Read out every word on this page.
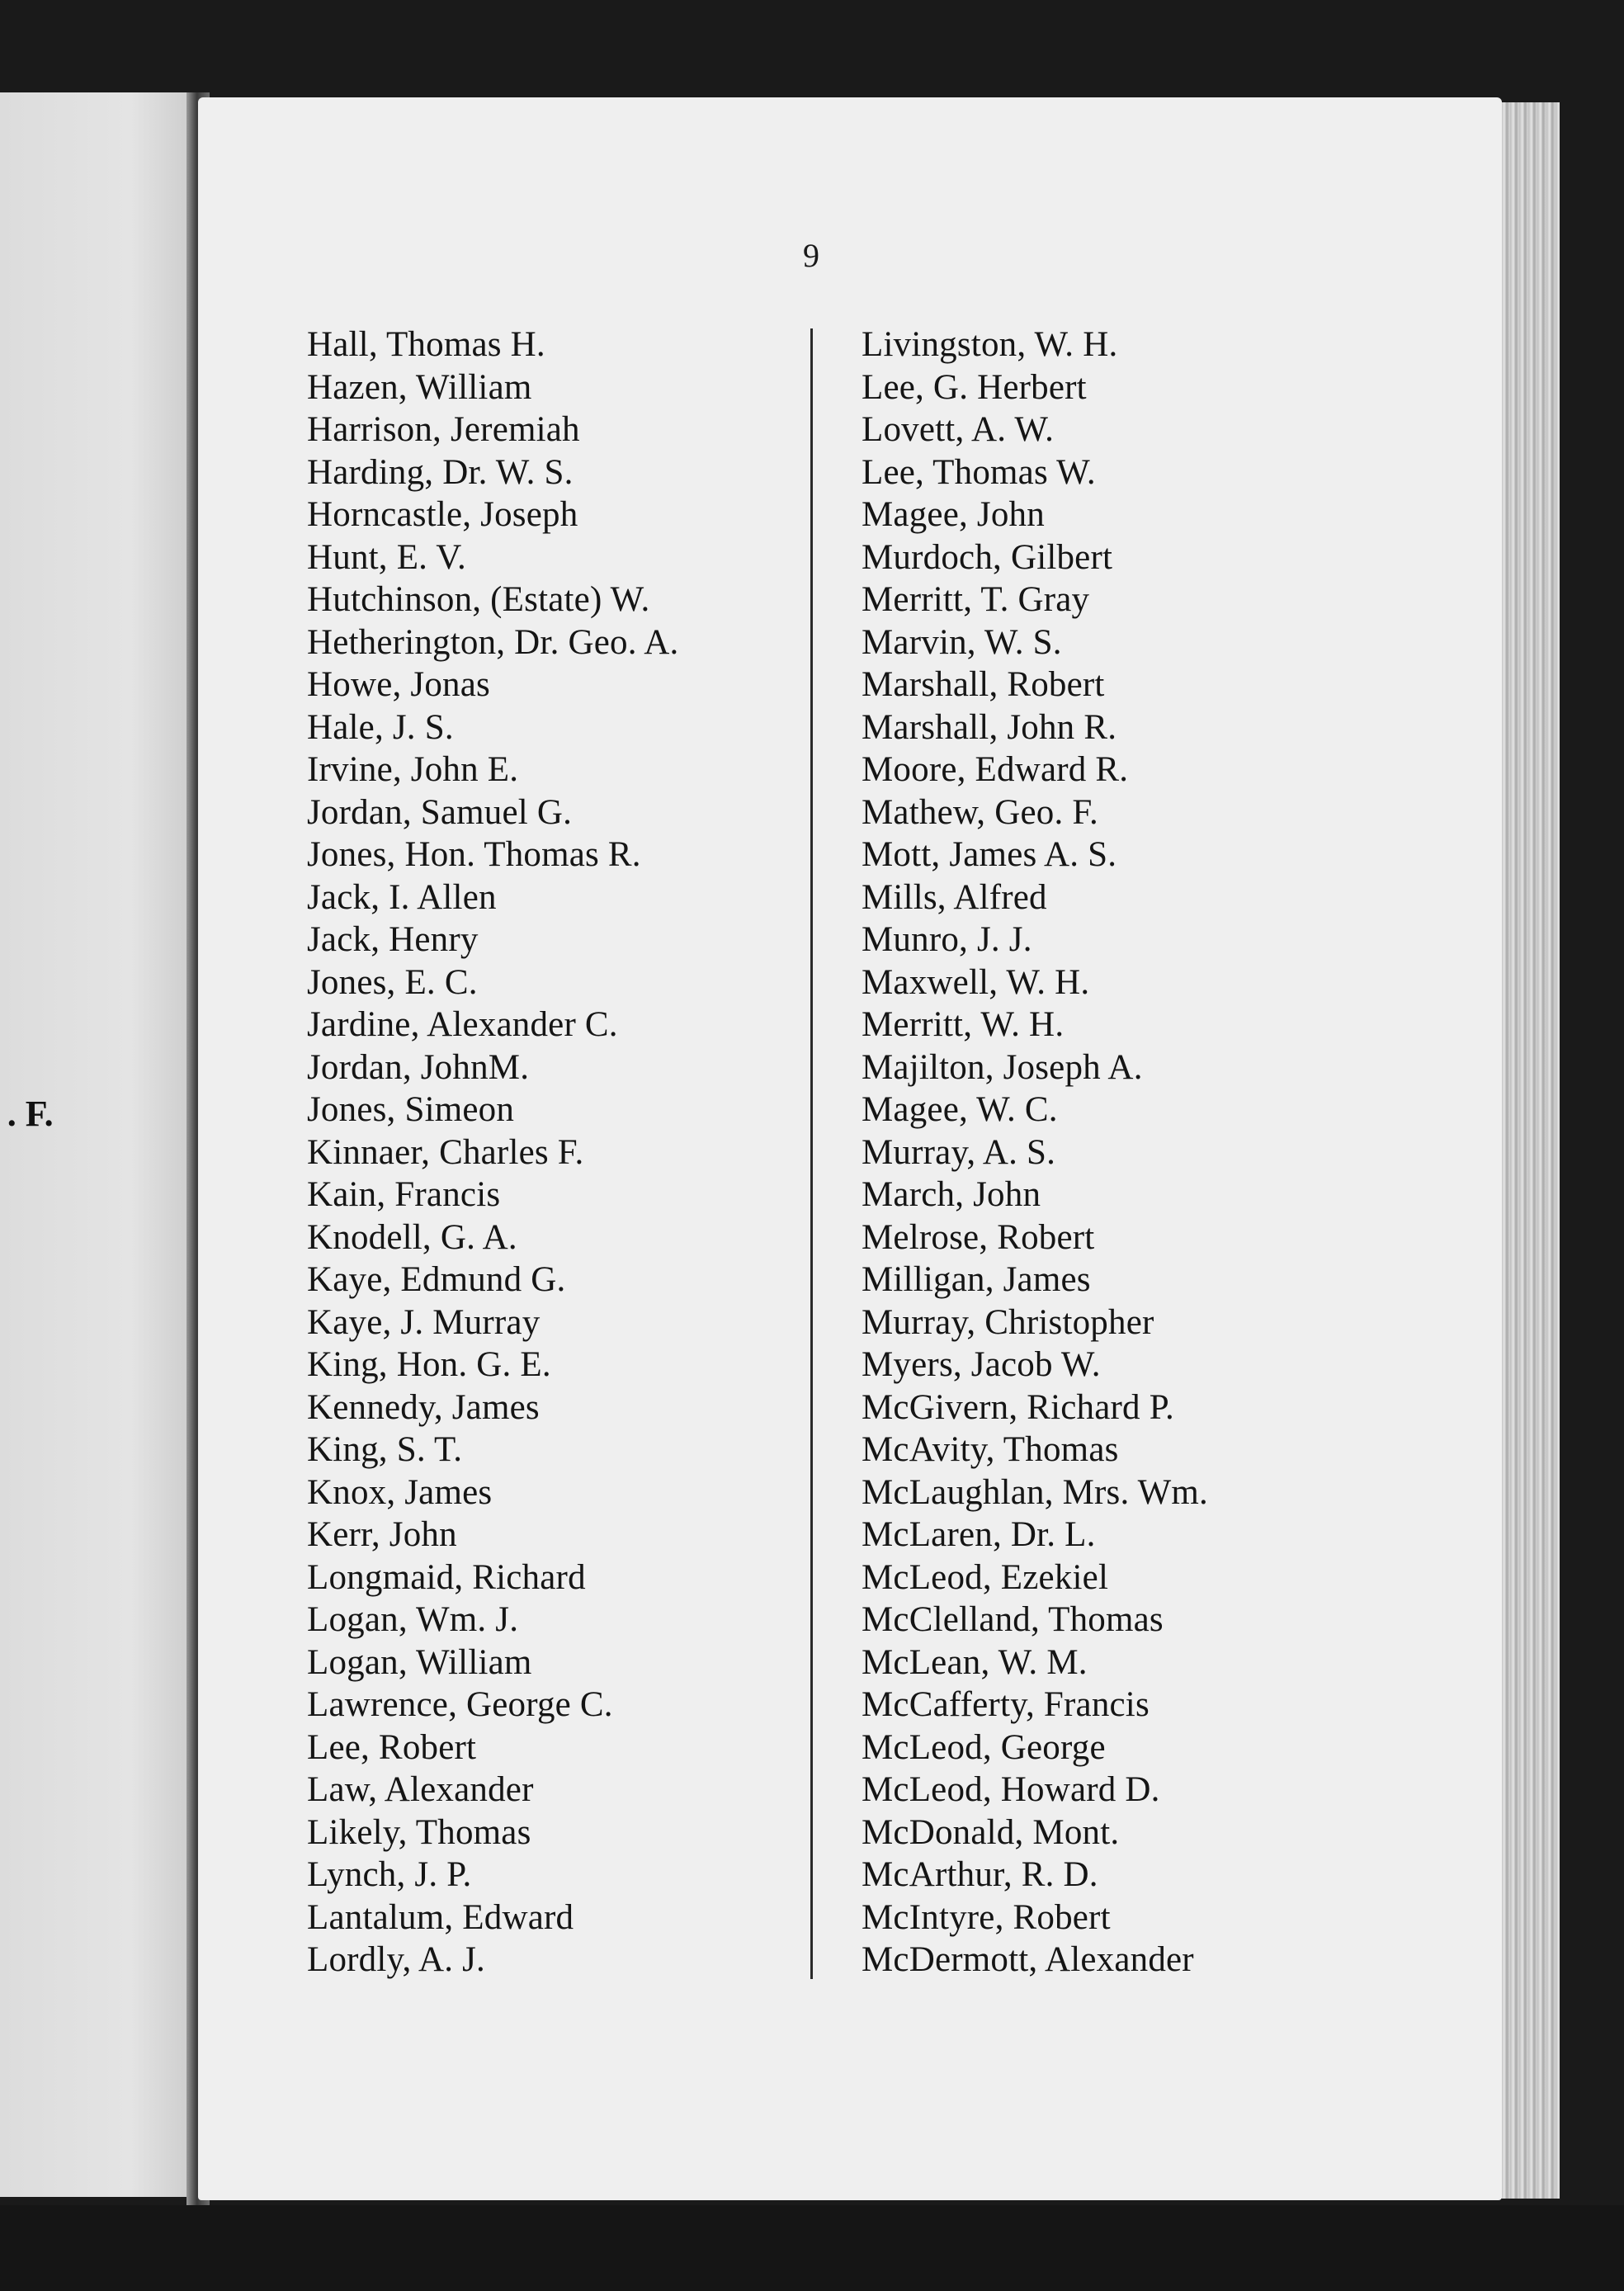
 . F.
9
Hall, Thomas H.
Hazen, William
Harrison, Jeremiah
Harding, Dr. W. S.
Horncastle, Joseph
Hunt, E. V.
Hutchinson, (Estate) W.
Hetherington, Dr. Geo. A.
Howe, Jonas
Hale, J. S.
Irvine, John E.
Jordan, Samuel G.
Jones, Hon. Thomas R.
Jack, I. Allen
Jack, Henry
Jones, E. C.
Jardine, Alexander C.
Jordan, JohnM.
Jones, Simeon
Kinnaer, Charles F.
Kain, Francis
Knodell, G. A.
Kaye, Edmund G.
Kaye, J. Murray
King, Hon. G. E.
Kennedy, James
King, S. T.
Knox, James
Kerr, John
Longmaid, Richard
Logan, Wm. J.
Logan, William
Lawrence, George C.
Lee, Robert
Law, Alexander
Likely, Thomas
Lynch, J. P.
Lantalum, Edward
Lordly, A. J.
Livingston, W. H.
Lee, G. Herbert
Lovett, A. W.
Lee, Thomas W.
Magee, John
Murdoch, Gilbert
Merritt, T. Gray
Marvin, W. S.
Marshall, Robert
Marshall, John R.
Moore, Edward R.
Mathew, Geo. F.
Mott, James A. S.
Mills, Alfred
Munro, J. J.
Maxwell, W. H.
Merritt, W. H.
Majilton, Joseph A.
Magee, W. C.
Murray, A. S.
March, John
Melrose, Robert
Milligan, James
Murray, Christopher
Myers, Jacob W.
McGivern, Richard P.
McAvity, Thomas
McLaughlan, Mrs. Wm.
McLaren, Dr. L.
McLeod, Ezekiel
McClelland, Thomas
McLean, W. M.
McCafferty, Francis
McLeod, George
McLeod, Howard D.
McDonald, Mont.
McArthur, R. D.
McIntyre, Robert
McDermott, Alexander
